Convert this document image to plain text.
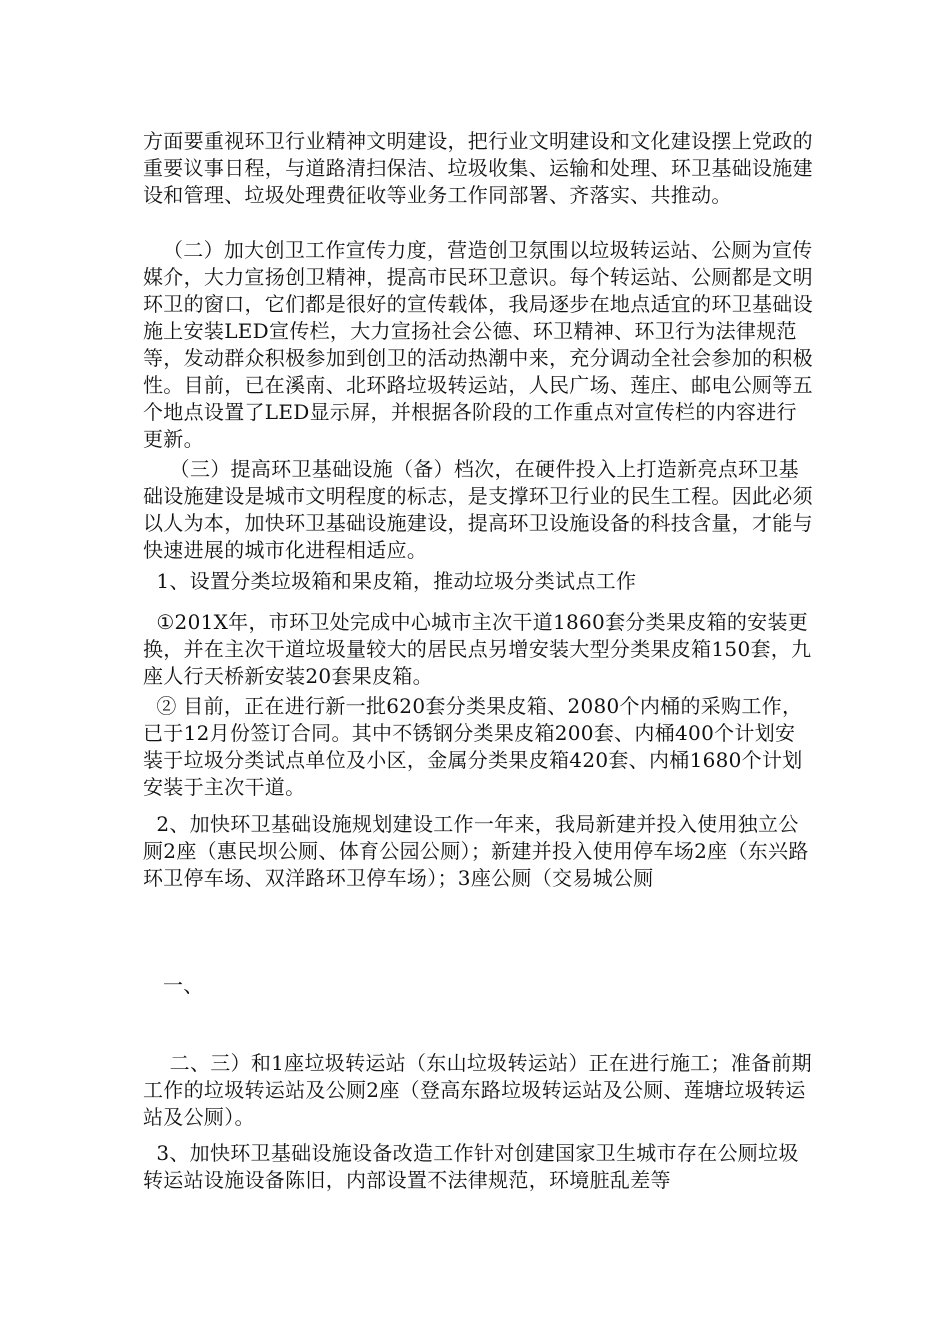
方面要重视环卫行业精神文明建设，把行业文明建设和文化建设摆上党政的重要议事日程，与道路清扫保洁、垃圾收集、运输和处理、环卫基础设施建设和管理、垃圾处理费征收等业务工作同部署、齐落实、共推动。

（二）加大创卫工作宣传力度，营造创卫氛围以垃圾转运站、公厕为宣传媒介，大力宣扬创卫精神，提高市民环卫意识。每个转运站、公厕都是文明环卫的窗口，它们都是很好的宣传载体，我局逐步在地点适宜的环卫基础设施上安装LED宣传栏，大力宣扬社会公德、环卫精神、环卫行为法律规范等，发动群众积极参加到创卫的活动热潮中来，充分调动全社会参加的积极性。目前，已在溪南、北环路垃圾转运站，人民广场、莲庄、邮电公厕等五个地点设置了LED显示屏，并根据各阶段的工作重点对宣传栏的内容进行更新。

（三）提高环卫基础设施（备）档次，在硬件投入上打造新亮点环卫基础设施建设是城市文明程度的标志，是支撑环卫行业的民生工程。因此必须以人为本，加快环卫基础设施建设，提高环卫设施设备的科技含量，才能与快速进展的城市化进程相适应。

1、设置分类垃圾箱和果皮箱，推动垃圾分类试点工作

①201X年，市环卫处完成中心城市主次干道1860套分类果皮箱的安装更换，并在主次干道垃圾量较大的居民点另增安装大型分类果皮箱150套，九座人行天桥新安装20套果皮箱。

② 目前，正在进行新一批620套分类果皮箱、2080个内桶的采购工作，已于12月份签订合同。其中不锈钢分类果皮箱200套、内桶400个计划安装于垃圾分类试点单位及小区，金属分类果皮箱420套、内桶1680个计划安装于主次干道。

2、加快环卫基础设施规划建设工作一年来，我局新建并投入使用独立公厕2座（惠民坝公厕、体育公园公厕）；新建并投入使用停车场2座（东兴路环卫停车场、双洋路环卫停车场）；3座公厕（交易城公厕

一、

二、三）和1座垃圾转运站（东山垃圾转运站）正在进行施工；准备前期工作的垃圾转运站及公厕2座（登高东路垃圾转运站及公厕、莲塘垃圾转运站及公厕）。

3、加快环卫基础设施设备改造工作针对创建国家卫生城市存在公厕垃圾转运站设施设备陈旧，内部设置不法律规范，环境脏乱差等
